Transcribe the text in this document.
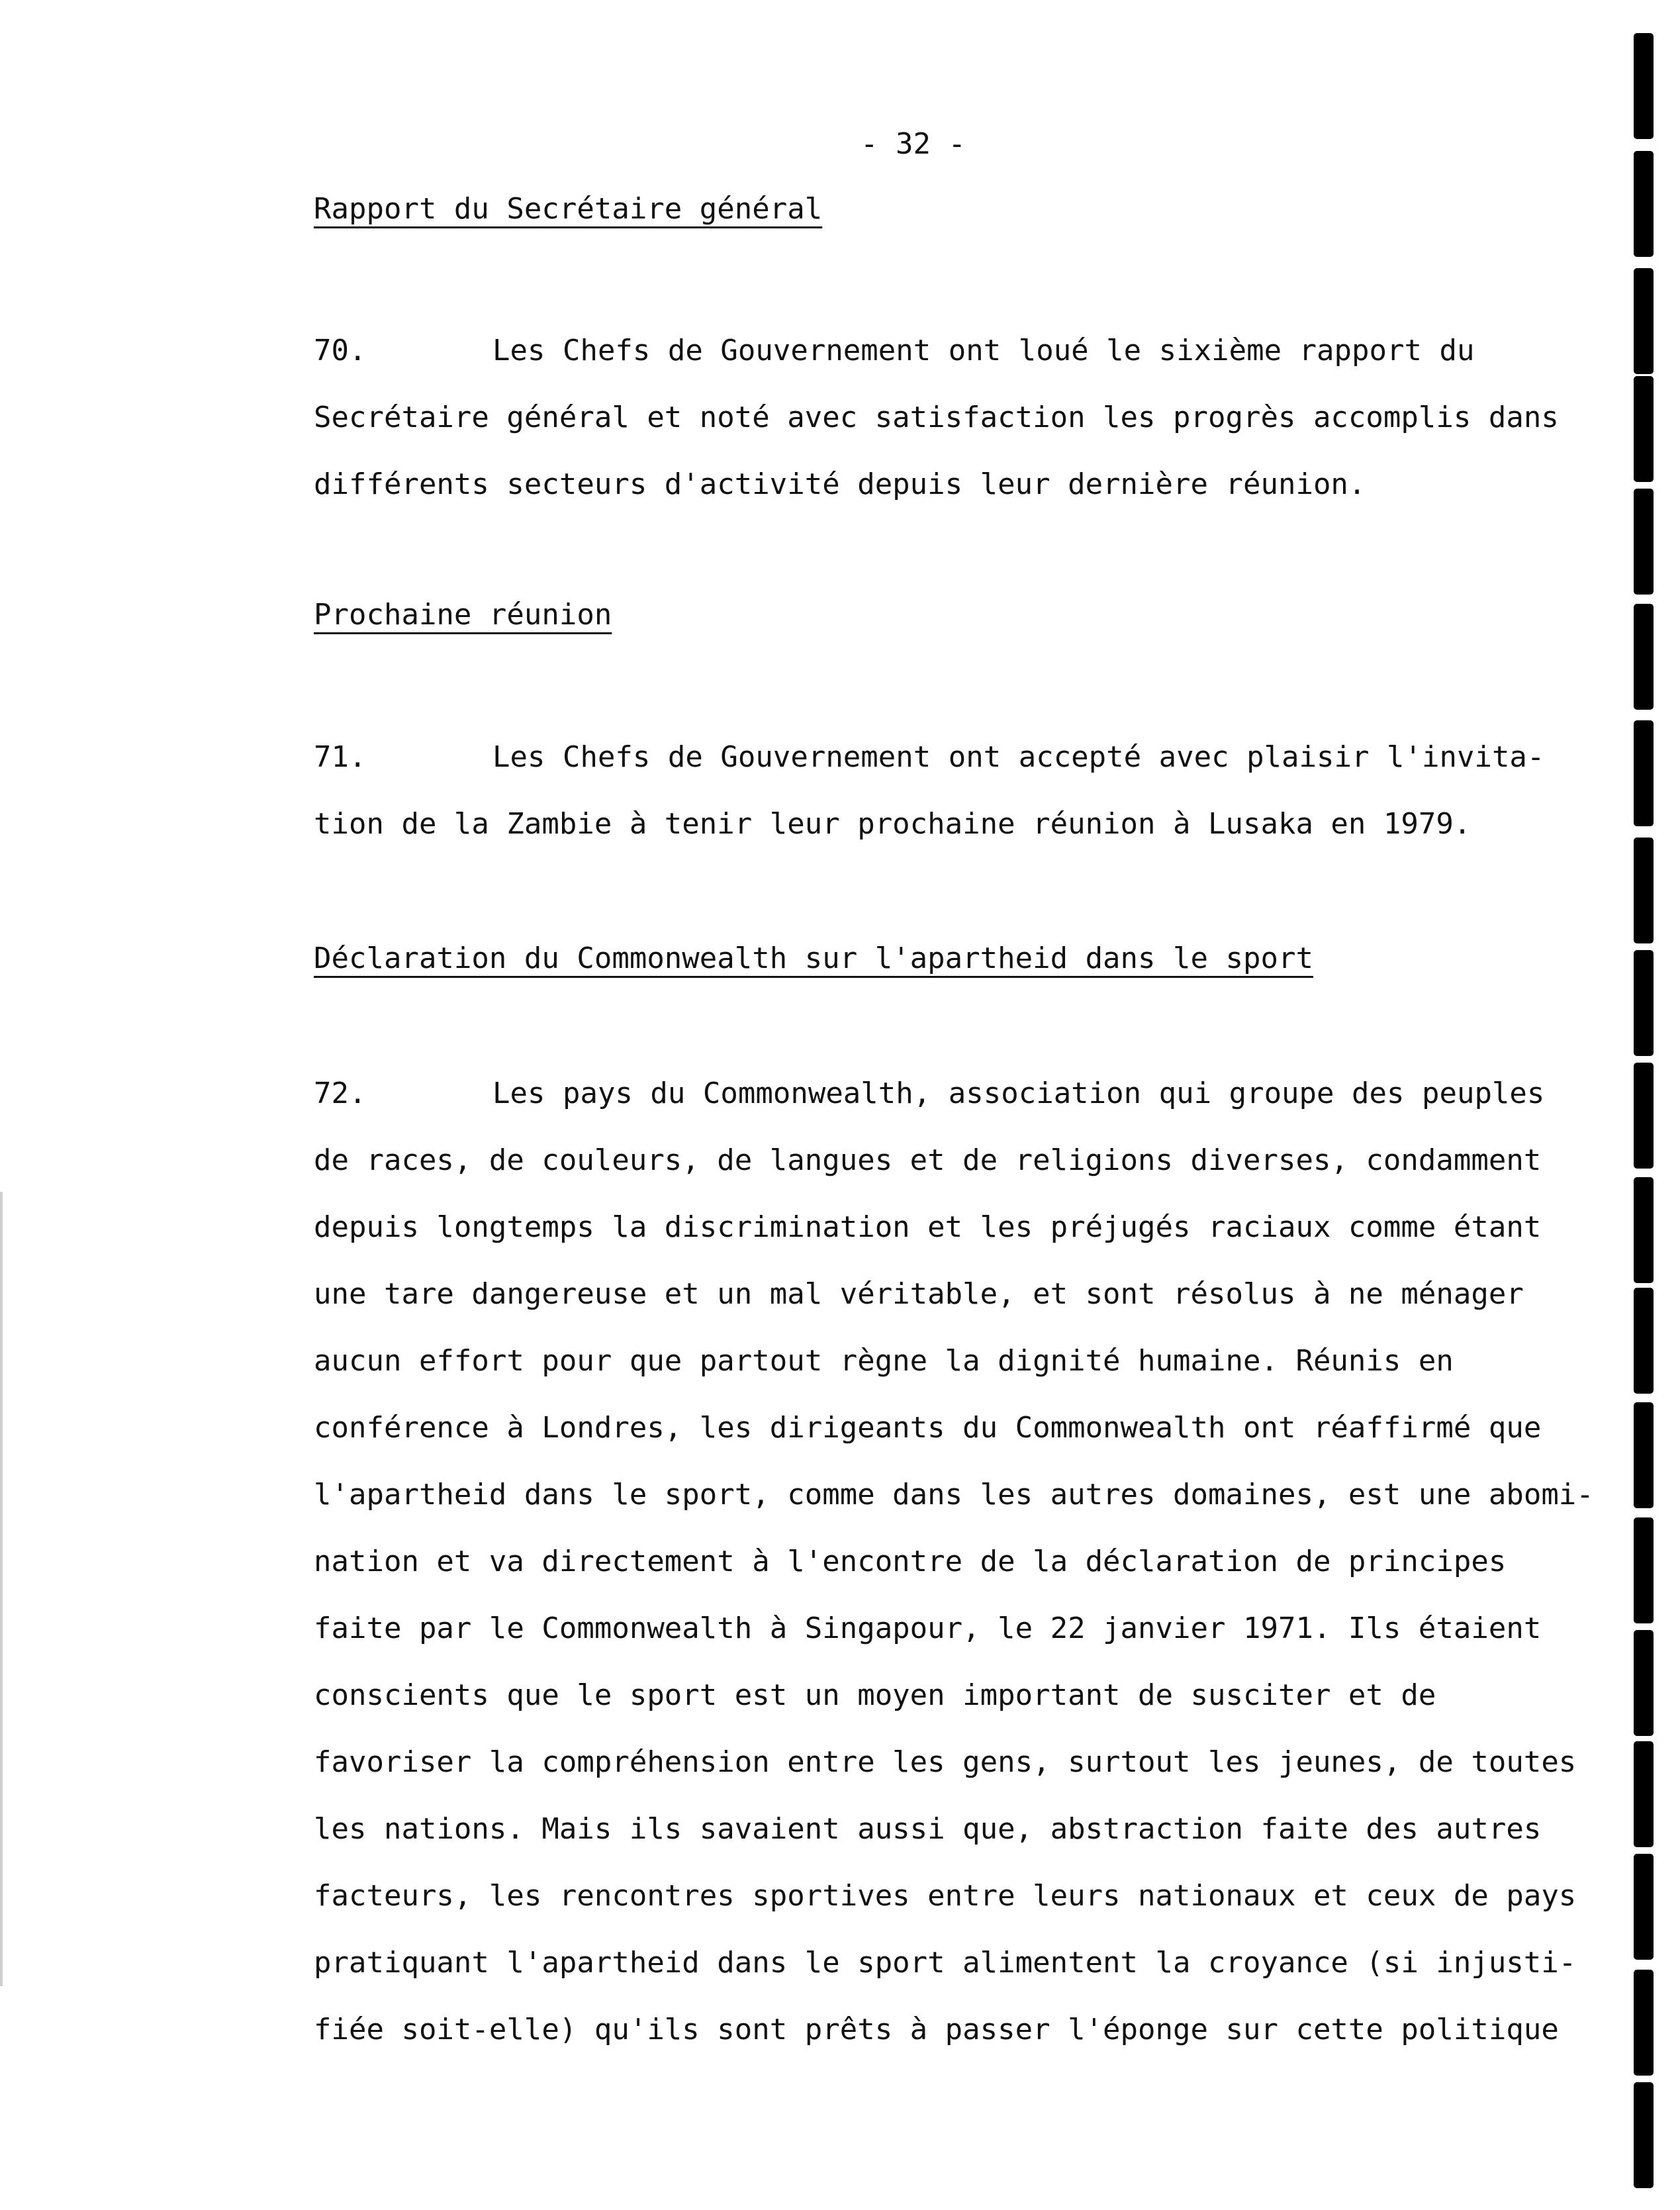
- 32 -
Rapport du Secrétaire général
70.	Les Chefs de Gouvernement ont loué le sixième rapport du
Secrétaire général et noté avec satisfaction les progrès accomplis dans
différents secteurs d'activité depuis leur dernière réunion.
Prochaine réunion
71.	Les Chefs de Gouvernement ont accepté avec plaisir l'invita-
tion de la Zambie à tenir leur prochaine réunion à Lusaka en 1979.
Déclaration du Commonwealth sur l'apartheid dans le sport
72.	Les pays du Commonwealth, association qui groupe des peuples
de races, de couleurs, de langues et de religions diverses, condamment
depuis longtemps la discrimination et les préjugés raciaux comme étant
une tare dangereuse et un mal véritable, et sont résolus à ne ménager
aucun effort pour que partout règne la dignité humaine. Réunis en
conférence à Londres, les dirigeants du Commonwealth ont réaffirmé que
l'apartheid dans le sport, comme dans les autres domaines, est une abomi-
nation et va directement à l'encontre de la déclaration de principes
faite par le Commonwealth à Singapour, le 22 janvier 1971. Ils étaient
conscients que le sport est un moyen important de susciter et de
favoriser la compréhension entre les gens, surtout les jeunes, de toutes
les nations. Mais ils savaient aussi que, abstraction faite des autres
facteurs, les rencontres sportives entre leurs nationaux et ceux de pays
pratiquant l'apartheid dans le sport alimentent la croyance (si injusti-
fiée soit-elle) qu'ils sont prêts à passer l'éponge sur cette politique
